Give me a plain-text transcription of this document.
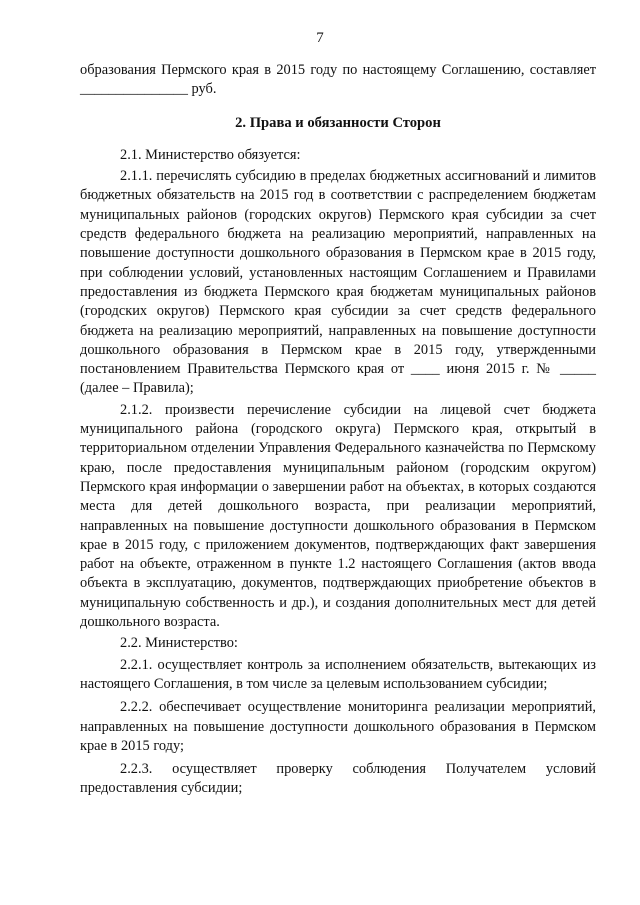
7

образования Пермского края в 2015 году по настоящему Соглашению, составляет _______________ руб.

2. Права и обязанности Сторон

2.1. Министерство обязуется:

2.1.1. перечислять субсидию в пределах бюджетных ассигнований и лимитов бюджетных обязательств на 2015 год в соответствии с распределением бюджетам муниципальных районов (городских округов) Пермского края субсидии за счет средств федерального бюджета на реализацию мероприятий, направленных на повышение доступности дошкольного образования в Пермском крае в 2015 году, при соблюдении условий, установленных настоящим Соглашением и Правилами предоставления из бюджета Пермского края бюджетам муниципальных районов (городских округов) Пермского края субсидии за счет средств федерального бюджета на реализацию мероприятий, направленных на повышение доступности дошкольного образования в Пермском крае в 2015 году, утвержденными постановлением Правительства Пермского края от ____ июня 2015 г. № _____ (далее – Правила);

2.1.2. произвести перечисление субсидии на лицевой счет бюджета муниципального района (городского округа) Пермского края, открытый в территориальном отделении Управления Федерального казначейства по Пермскому краю, после предоставления муниципальным районом (городским округом) Пермского края информации о завершении работ на объектах, в которых создаются места для детей дошкольного возраста, при реализации мероприятий, направленных на повышение доступности дошкольного образования в Пермском крае в 2015 году, с приложением документов, подтверждающих факт завершения работ на объекте, отраженном в пункте 1.2 настоящего Соглашения (актов ввода объекта в эксплуатацию, документов, подтверждающих приобретение объектов в муниципальную собственность и др.), и создания дополнительных мест для детей дошкольного возраста.

2.2. Министерство:

2.2.1. осуществляет контроль за исполнением обязательств, вытекающих из настоящего Соглашения, в том числе за целевым использованием субсидии;

2.2.2. обеспечивает осуществление мониторинга реализации мероприятий, направленных на повышение доступности дошкольного образования в Пермском крае в 2015 году;

2.2.3. осуществляет проверку соблюдения Получателем условий предоставления субсидии;
